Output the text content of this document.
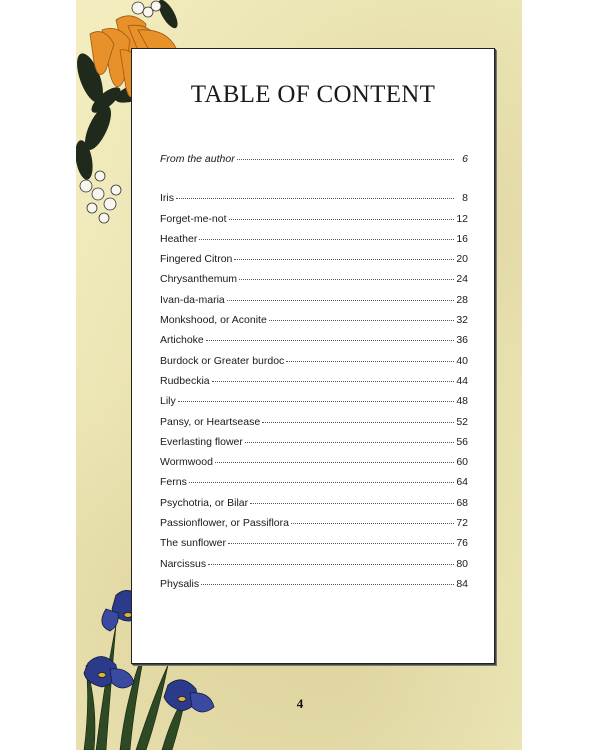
TABLE OF CONTENT
From the author	6
Iris	8
Forget-me-not	12
Heather	16
Fingered Citron	20
Chrysanthemum	24
Ivan-da-maria	28
Monkshood, or Aconite	32
Artichoke	36
Burdock or Greater burdoc	40
Rudbeckia	44
Lily	48
Pansy, or Heartsease	52
Everlasting flower	56
Wormwood	60
Ferns	64
Psychotria, or Bilar	68
Passionflower, or Passiflora	72
The sunflower	76
Narcissus	80
Physalis	84
4
